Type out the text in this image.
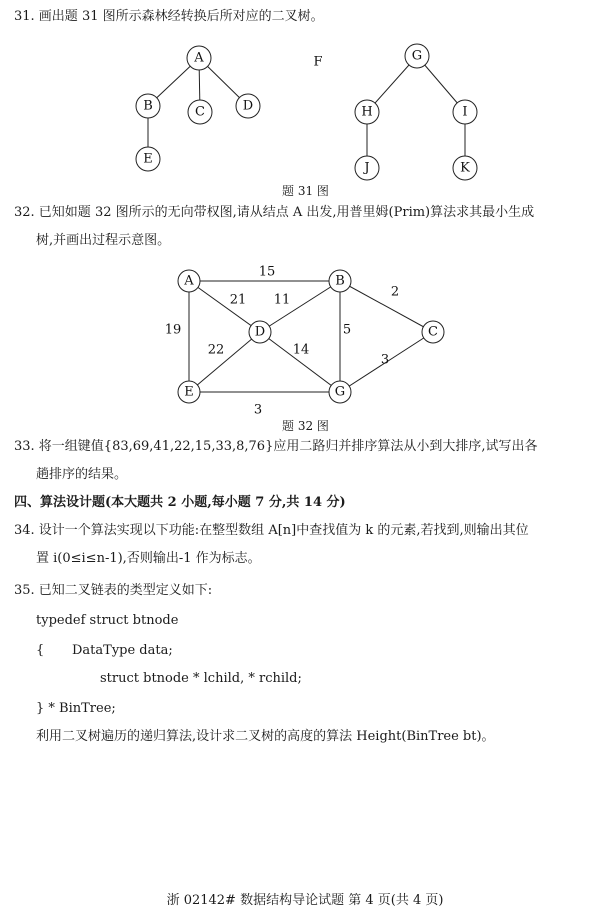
31. 画出题 31 图所示森林经转换后所对应的二叉树。
A
B	C	D
E
F	G
H	I
J	K
题 31 图
32. 已知如题 32 图所示的无向带权图,请从结点 A 出发,用普里姆(Prim)算法求其最小生成
树,并画出过程示意图。
15
21 11
2
19	5
22	14
3
3
A	B
C
D
E	G
题 32 图
33. 将一组键值{83,69,41,22,15,33,8,76}应用二路归并排序算法从小到大排序,试写出各
趟排序的结果。
四、算法设计题(本大题共 2 小题,每小题 7 分,共 14 分)
34. 设计一个算法实现以下功能:在整型数组 A[n]中查找值为 k 的元素,若找到,则输出其位
置 i(0≤i≤n-1),否则输出-1 作为标志。
35. 已知二叉链表的类型定义如下:
typedef struct btnode
{ DataType data;
struct btnode * lchild, * rchild;
} * BinTree;
利用二叉树遍历的递归算法,设计求二叉树的高度的算法 Height(BinTree bt)。
浙 02142# 数据结构导论试题 第 4 页(共 4 页)
